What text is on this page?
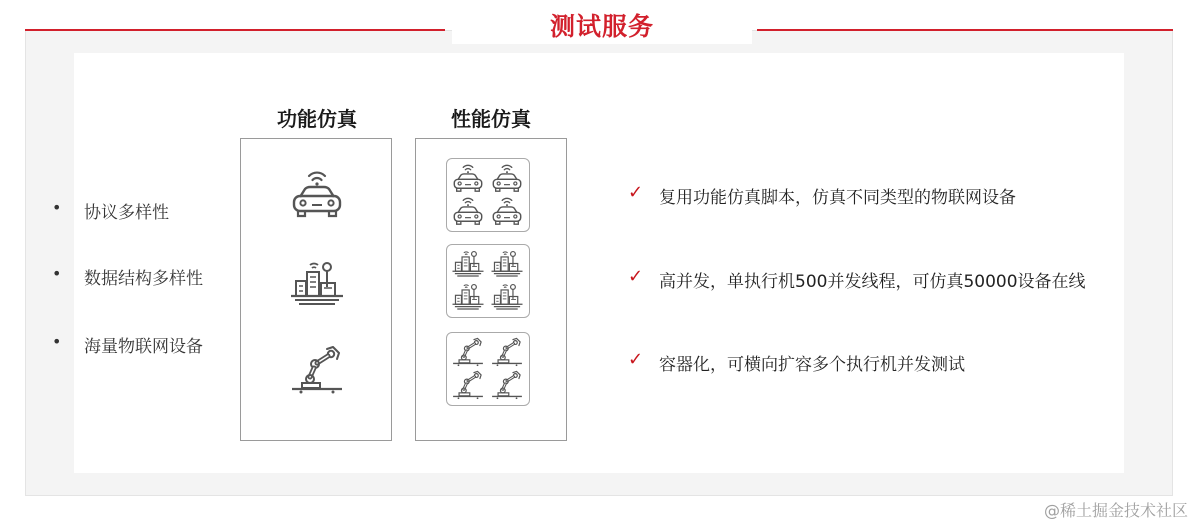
测试服务
• 协议多样性
• 数据结构多样性
• 海量物联网设备
功能仿真	性能仿真
✓ 复用功能仿真脚本，仿真不同类型的物联网设备
✓ 高并发，单执行机500并发线程，可仿真50000设备在线
✓ 容器化，可横向扩容多个执行机并发测试
@稀土掘金技术社区
